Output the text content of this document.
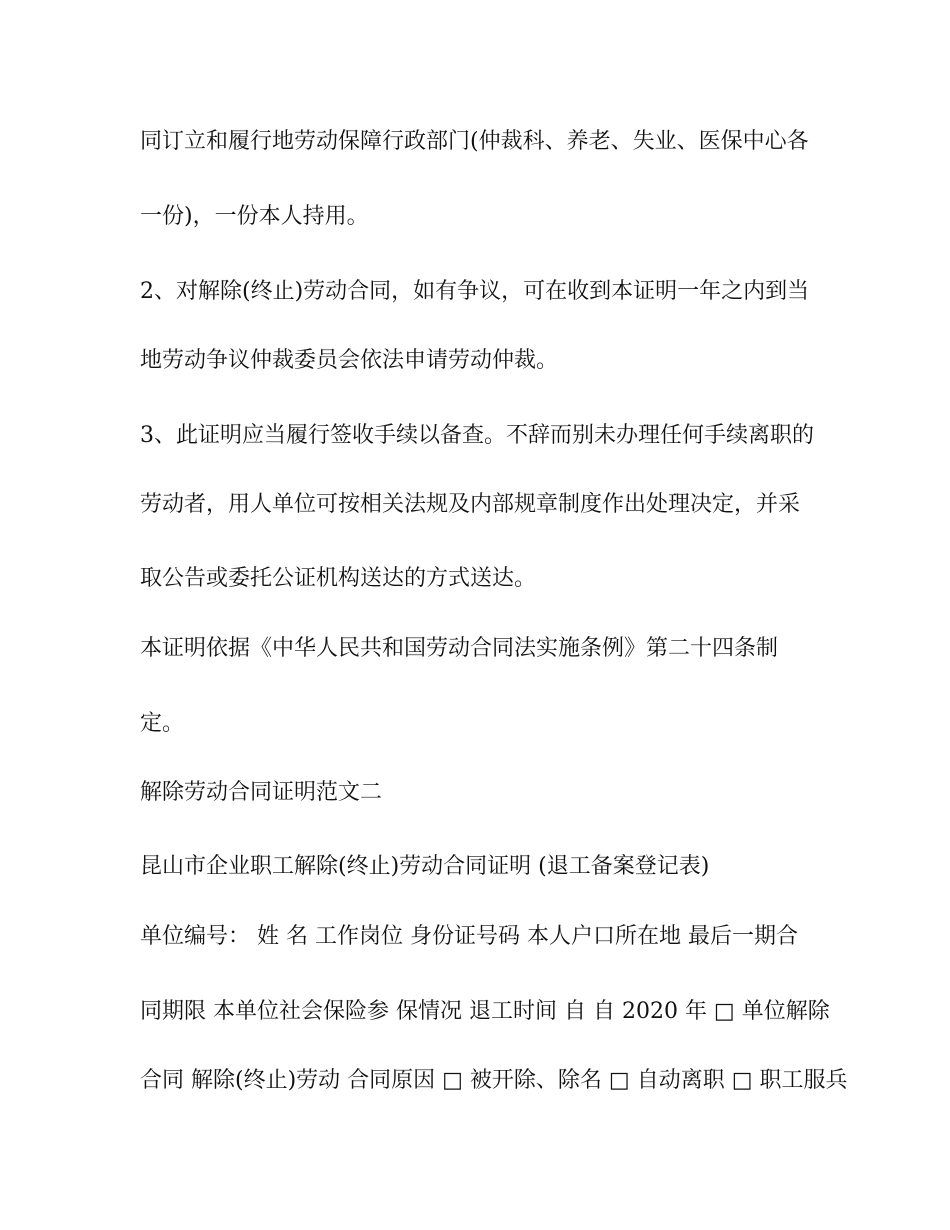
同订立和履行地劳动保障行政部门(仲裁科、养老、失业、医保中心各

一份)，一份本人持用。

2、对解除(终止)劳动合同，如有争议，可在收到本证明一年之内到当

地劳动争议仲裁委员会依法申请劳动仲裁。

3、此证明应当履行签收手续以备查。不辞而别未办理任何手续离职的

劳动者，用人单位可按相关法规及内部规章制度作出处理决定，并采

取公告或委托公证机构送达的方式送达。

本证明依据《中华人民共和国劳动合同法实施条例》第二十四条制

定。

解除劳动合同证明范文二

昆山市企业职工解除(终止)劳动合同证明 (退工备案登记表)

单位编号： 姓 名 工作岗位 身份证号码 本人户口所在地 最后一期合

同期限 本单位社会保险参 保情况 退工时间 自 自 2020 年 □ 单位解除

合同 解除(终止)劳动 合同原因 □ 被开除、除名 □ 自动离职 □ 职工服兵
